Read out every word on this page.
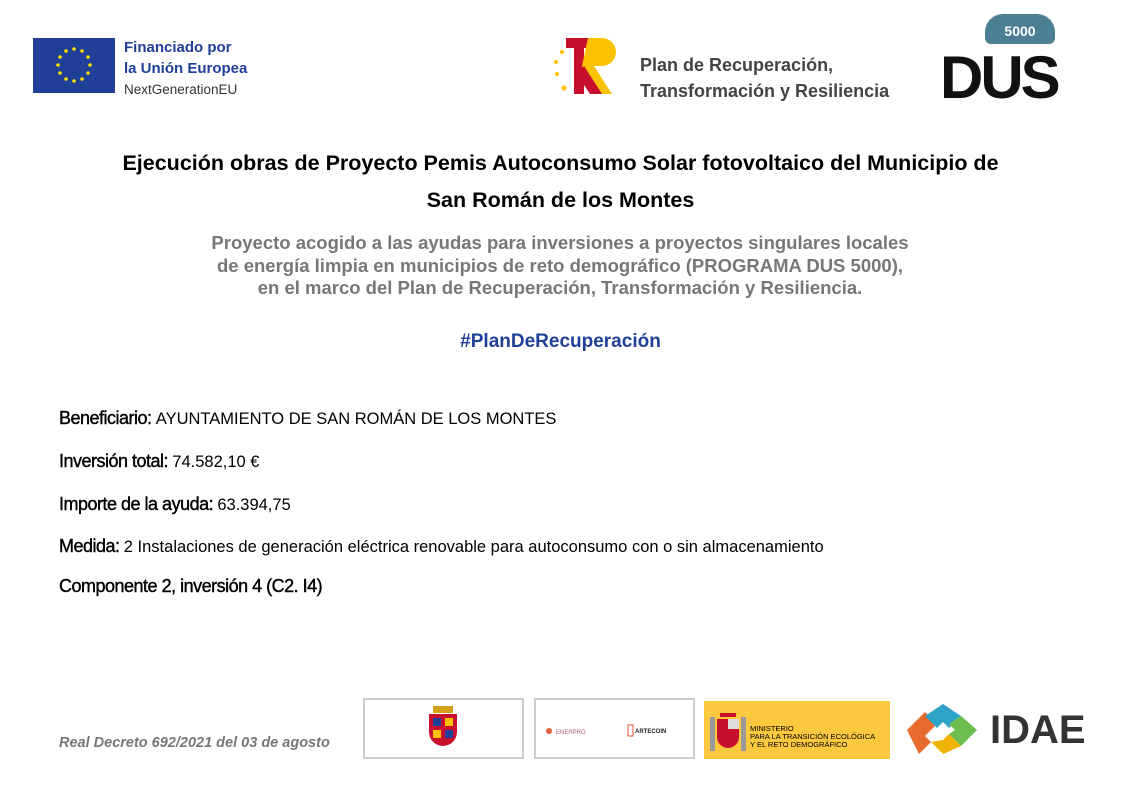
Financiado por
la Unión Europea
NextGenerationEU
Plan de Recuperación,
Transformación y Resiliencia
5000
DUS
Ejecución obras de Proyecto Pemis Autoconsumo Solar fotovoltaico del Municipio de
San Román de los Montes
Proyecto acogido a las ayudas para inversiones a proyectos singulares locales
de energía limpia en municipios de reto demográfico (PROGRAMA DUS 5000),
en el marco del Plan de Recuperación, Transformación y Resiliencia.
#PlanDeRecuperación
Beneficiario: AYUNTAMIENTO DE SAN ROMÁN DE LOS MONTES
Inversión total: 74.582,10 €
Importe de la ayuda: 63.394,75
Medida: 2 Instalaciones de generación eléctrica renovable para autoconsumo con o sin almacenamiento
Componente 2, inversión 4 (C2. I4)
Real Decreto 692/2021 del 03 de agosto
ENERPRO	ARTECOIN	MINISTERIO
PARA LA TRANSICIÓN ECOLÓGICA
Y EL RETO DEMOGRÁFICO	IDAE
